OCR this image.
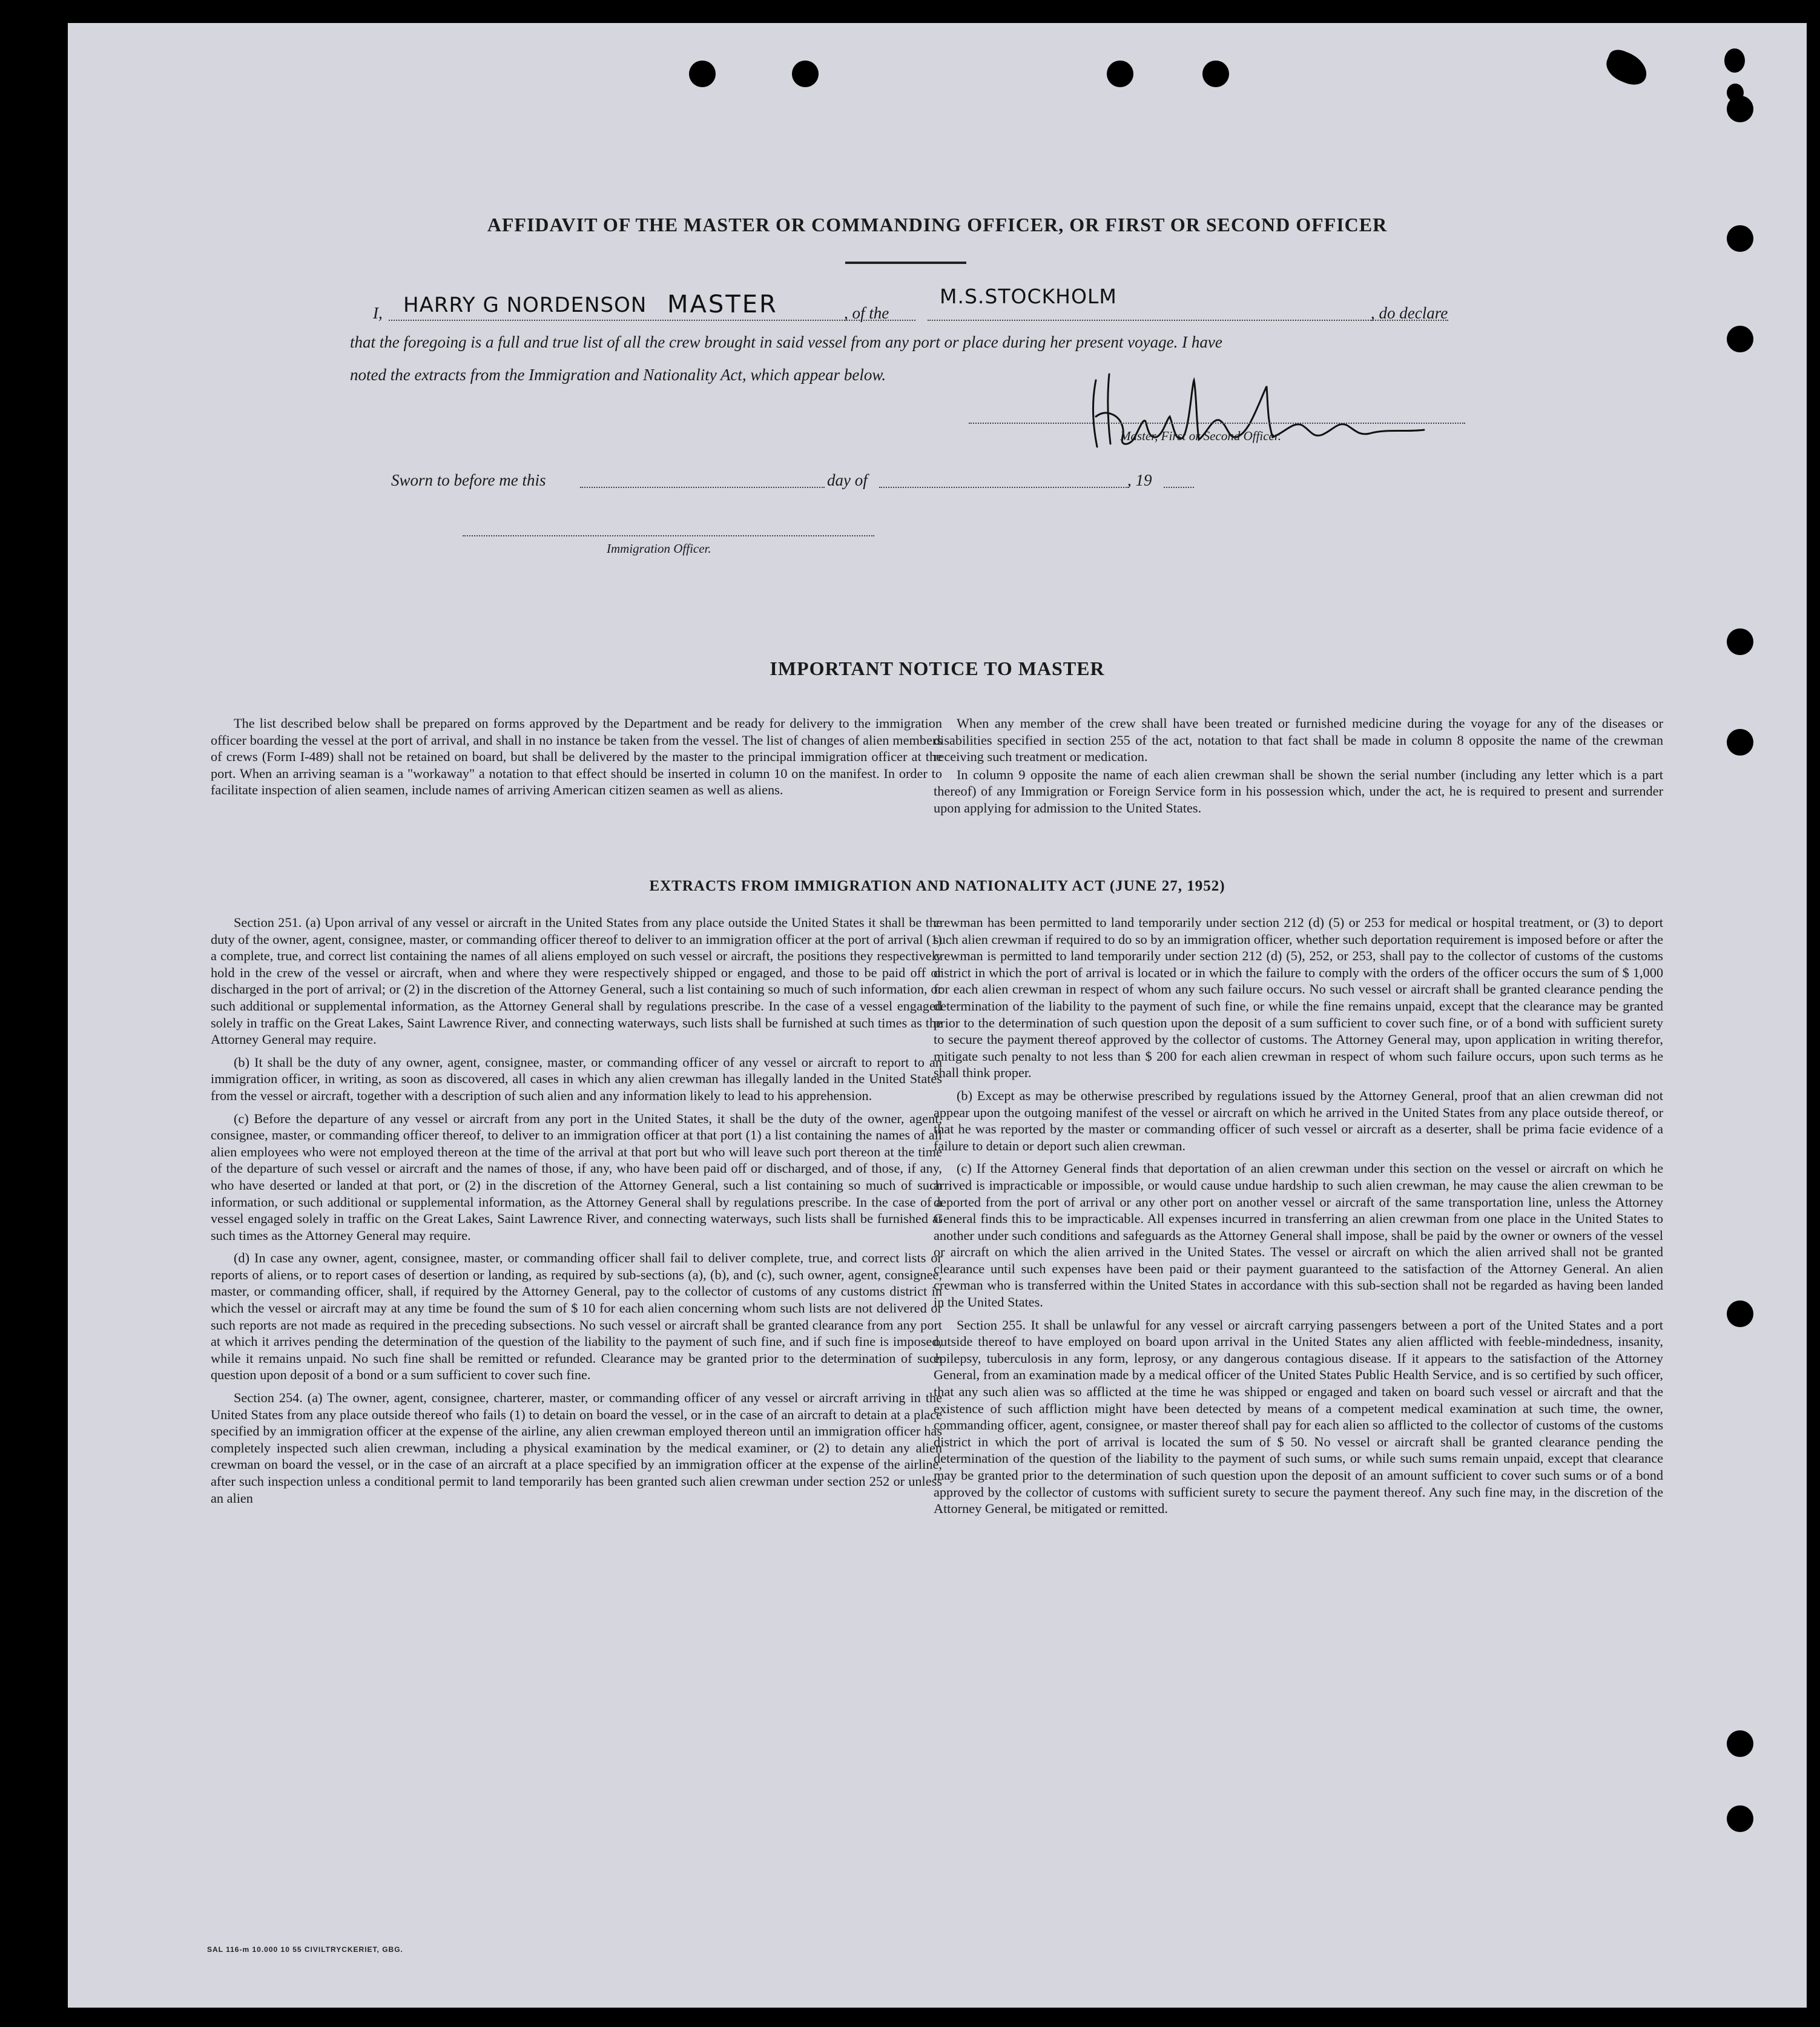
AFFIDAVIT OF THE MASTER OR COMMANDING OFFICER, OR FIRST OR SECOND OFFICER
I, HARRY G NORDENSON MASTER	, of the
M.S.STOCKHOLM
, do declare
that the foregoing is a full and true list of all the crew brought in said vessel from any port or place during her present voyage. I have
noted the extracts from the Immigration and Nationality Act, which appear below.
Master, First or Second Officer.
Sworn to before me this	day of	, 19
Immigration Officer.
IMPORTANT NOTICE TO MASTER

The list described below shall be prepared on forms approved by the Department and be ready for delivery to the immigration officer boarding the vessel at the port of arrival, and shall in no instance be taken from the vessel. The list of changes of alien members of crews (Form I-489) shall not be retained on board, but shall be delivered by the master to the principal immigration officer at the port. When an arriving seaman is a "workaway" a notation to that effect should be inserted in column 10 on the manifest. In order to facilitate inspection of alien seamen, include names of arriving American citizen seamen as well as aliens.

When any member of the crew shall have been treated or furnished medicine during the voyage for any of the diseases or disabilities specified in section 255 of the act, notation to that fact shall be made in column 8 opposite the name of the crewman receiving such treatment or medication.

In column 9 opposite the name of each alien crewman shall be shown the serial number (including any letter which is a part thereof) of any Immigration or Foreign Service form in his possession which, under the act, he is required to present and surrender upon applying for admission to the United States.

EXTRACTS FROM IMMIGRATION AND NATIONALITY ACT (JUNE 27, 1952)

Section 251. (a) Upon arrival of any vessel or aircraft in the United States from any place outside the United States it shall be the duty of the owner, agent, consignee, master, or commanding officer thereof to deliver to an immigration officer at the port of arrival (1) a complete, true, and correct list containing the names of all aliens employed on such vessel or aircraft, the positions they respectively hold in the crew of the vessel or aircraft, when and where they were respectively shipped or engaged, and those to be paid off or discharged in the port of arrival; or (2) in the discretion of the Attorney General, such a list containing so much of such information, or such additional or supplemental information, as the Attorney General shall by regulations prescribe. In the case of a vessel engaged solely in traffic on the Great Lakes, Saint Lawrence River, and connecting waterways, such lists shall be furnished at such times as the Attorney General may require.

(b) It shall be the duty of any owner, agent, consignee, master, or commanding officer of any vessel or aircraft to report to an immigration officer, in writing, as soon as discovered, all cases in which any alien crewman has illegally landed in the United States from the vessel or aircraft, together with a description of such alien and any information likely to lead to his apprehension.

(c) Before the departure of any vessel or aircraft from any port in the United States, it shall be the duty of the owner, agent, consignee, master, or commanding officer thereof, to deliver to an immigration officer at that port (1) a list containing the names of all alien employees who were not employed thereon at the time of the arrival at that port but who will leave such port thereon at the time of the departure of such vessel or aircraft and the names of those, if any, who have been paid off or discharged, and of those, if any, who have deserted or landed at that port, or (2) in the discretion of the Attorney General, such a list containing so much of such information, or such additional or supplemental information, as the Attorney General shall by regulations prescribe. In the case of a vessel engaged solely in traffic on the Great Lakes, Saint Lawrence River, and connecting waterways, such lists shall be furnished at such times as the Attorney General may require.

(d) In case any owner, agent, consignee, master, or commanding officer shall fail to deliver complete, true, and correct lists or reports of aliens, or to report cases of desertion or landing, as required by sub-sections (a), (b), and (c), such owner, agent, consignee, master, or commanding officer, shall, if required by the Attorney General, pay to the collector of customs of any customs district in which the vessel or aircraft may at any time be found the sum of $ 10 for each alien concerning whom such lists are not delivered or such reports are not made as required in the preceding subsections. No such vessel or aircraft shall be granted clearance from any port at which it arrives pending the determination of the question of the liability to the payment of such fine, and if such fine is imposed, while it remains unpaid. No such fine shall be remitted or refunded. Clearance may be granted prior to the determination of such question upon deposit of a bond or a sum sufficient to cover such fine.

Section 254. (a) The owner, agent, consignee, charterer, master, or commanding officer of any vessel or aircraft arriving in the United States from any place outside thereof who fails (1) to detain on board the vessel, or in the case of an aircraft to detain at a place specified by an immigration officer at the expense of the airline, any alien crewman employed thereon until an immigration officer has completely inspected such alien crewman, including a physical examination by the medical examiner, or (2) to detain any alien crewman on board the vessel, or in the case of an aircraft at a place specified by an immigration officer at the expense of the airline, after such inspection unless a conditional permit to land temporarily has been granted such alien crewman under section 252 or unless an alien

crewman has been permitted to land temporarily under section 212 (d) (5) or 253 for medical or hospital treatment, or (3) to deport such alien crewman if required to do so by an immigration officer, whether such deportation requirement is imposed before or after the crewman is permitted to land temporarily under section 212 (d) (5), 252, or 253, shall pay to the collector of customs of the customs district in which the port of arrival is located or in which the failure to comply with the orders of the officer occurs the sum of $ 1,000 for each alien crewman in respect of whom any such failure occurs. No such vessel or aircraft shall be granted clearance pending the determination of the liability to the payment of such fine, or while the fine remains unpaid, except that the clearance may be granted prior to the determination of such question upon the deposit of a sum sufficient to cover such fine, or of a bond with sufficient surety to secure the payment thereof approved by the collector of customs. The Attorney General may, upon application in writing therefor, mitigate such penalty to not less than $ 200 for each alien crewman in respect of whom such failure occurs, upon such terms as he shall think proper.

(b) Except as may be otherwise prescribed by regulations issued by the Attorney General, proof that an alien crewman did not appear upon the outgoing manifest of the vessel or aircraft on which he arrived in the United States from any place outside thereof, or that he was reported by the master or commanding officer of such vessel or aircraft as a deserter, shall be prima facie evidence of a failure to detain or deport such alien crewman.

(c) If the Attorney General finds that deportation of an alien crewman under this section on the vessel or aircraft on which he arrived is impracticable or impossible, or would cause undue hardship to such alien crewman, he may cause the alien crewman to be deported from the port of arrival or any other port on another vessel or aircraft of the same transportation line, unless the Attorney General finds this to be impracticable. All expenses incurred in transferring an alien crewman from one place in the United States to another under such conditions and safeguards as the Attorney General shall impose, shall be paid by the owner or owners of the vessel or aircraft on which the alien arrived in the United States. The vessel or aircraft on which the alien arrived shall not be granted clearance until such expenses have been paid or their payment guaranteed to the satisfaction of the Attorney General. An alien crewman who is transferred within the United States in accordance with this sub-section shall not be regarded as having been landed in the United States.

Section 255. It shall be unlawful for any vessel or aircraft carrying passengers between a port of the United States and a port outside thereof to have employed on board upon arrival in the United States any alien afflicted with feeble-mindedness, insanity, epilepsy, tuberculosis in any form, leprosy, or any dangerous contagious disease. If it appears to the satisfaction of the Attorney General, from an examination made by a medical officer of the United States Public Health Service, and is so certified by such officer, that any such alien was so afflicted at the time he was shipped or engaged and taken on board such vessel or aircraft and that the existence of such affliction might have been detected by means of a competent medical examination at such time, the owner, commanding officer, agent, consignee, or master thereof shall pay for each alien so afflicted to the collector of customs of the customs district in which the port of arrival is located the sum of $ 50. No vessel or aircraft shall be granted clearance pending the determination of the question of the liability to the payment of such sums, or while such sums remain unpaid, except that clearance may be granted prior to the determination of such question upon the deposit of an amount sufficient to cover such sums or of a bond approved by the collector of customs with sufficient surety to secure the payment thereof. Any such fine may, in the discretion of the Attorney General, be mitigated or remitted.

SAL 116-m 10.000 10 55 CIVILTRYCKERIET, GBG.
